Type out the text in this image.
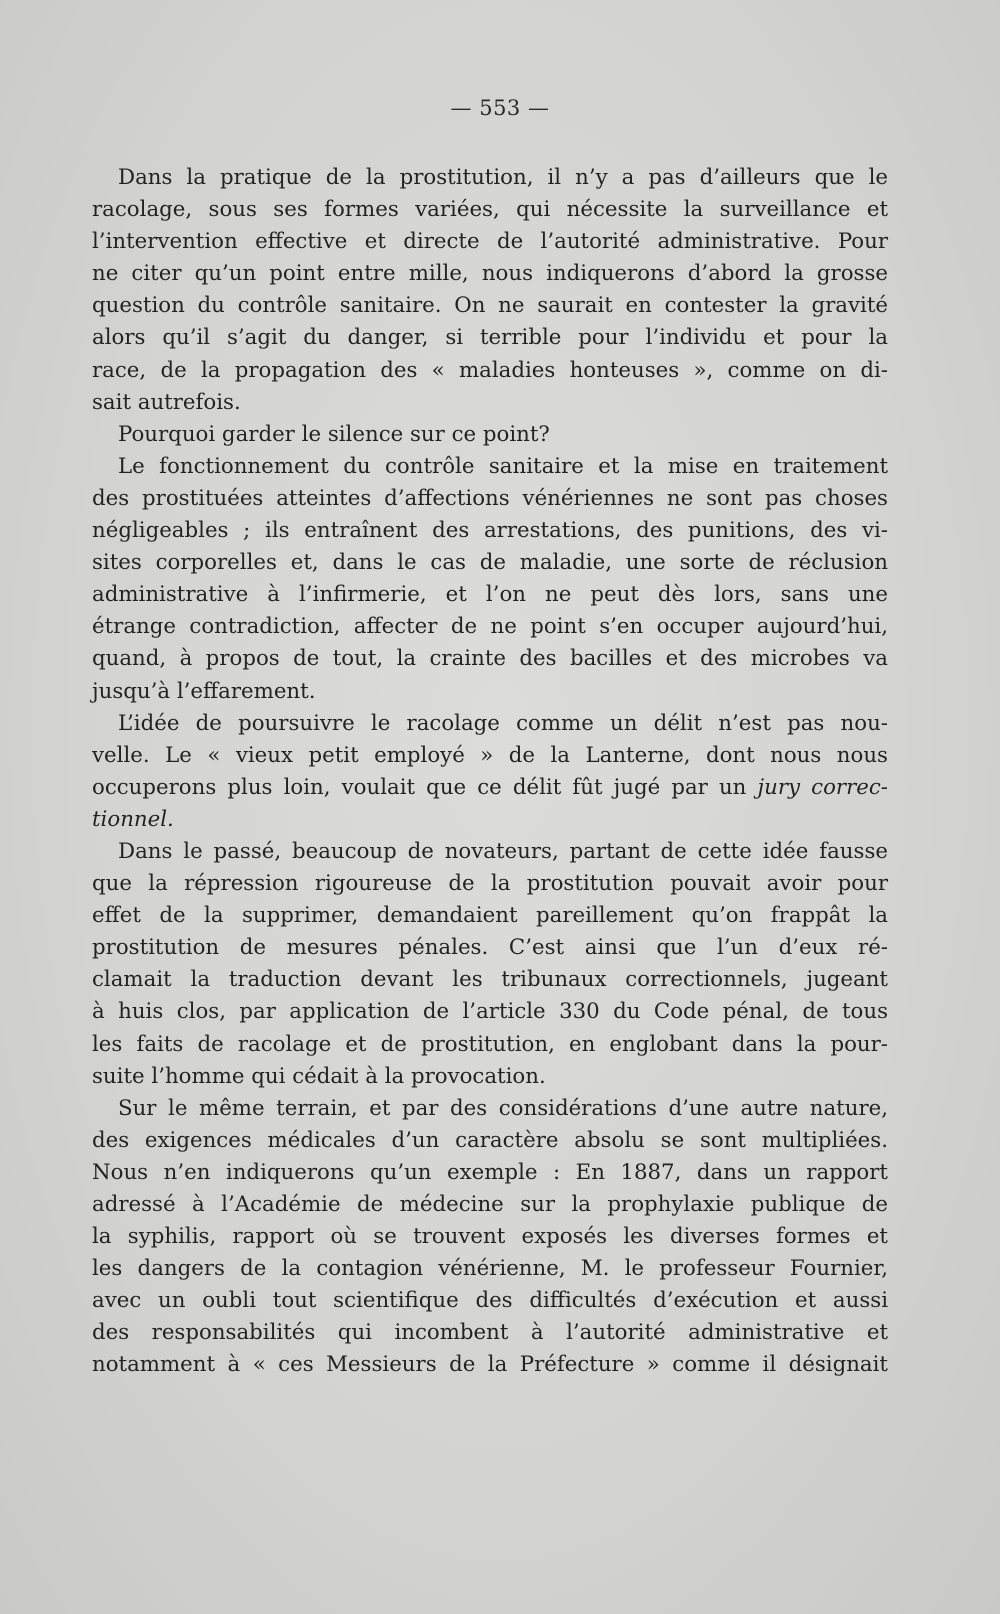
— 553 —
Dans la pratique de la prostitution, il n’y a pas d’ailleurs que le
racolage, sous ses formes variées, qui nécessite la surveillance et
l’intervention effective et directe de l’autorité administrative. Pour
ne citer qu’un point entre mille, nous indiquerons d’abord la grosse
question du contrôle sanitaire. On ne saurait en contester la gravité
alors qu’il s’agit du danger, si terrible pour l’individu et pour la
race, de la propagation des « maladies honteuses », comme on di-
sait autrefois.
Pourquoi garder le silence sur ce point?
Le fonctionnement du contrôle sanitaire et la mise en traitement
des prostituées atteintes d’affections vénériennes ne sont pas choses
négligeables ; ils entraînent des arrestations, des punitions, des vi-
sites corporelles et, dans le cas de maladie, une sorte de réclusion
administrative à l’infirmerie, et l’on ne peut dès lors, sans une
étrange contradiction, affecter de ne point s’en occuper aujourd’hui,
quand, à propos de tout, la crainte des bacilles et des microbes va
jusqu’à l’effarement.
L’idée de poursuivre le racolage comme un délit n’est pas nou-
velle. Le « vieux petit employé » de la Lanterne, dont nous nous
occuperons plus loin, voulait que ce délit fût jugé par un jury correc-
tionnel.
Dans le passé, beaucoup de novateurs, partant de cette idée fausse
que la répression rigoureuse de la prostitution pouvait avoir pour
effet de la supprimer, demandaient pareillement qu’on frappât la
prostitution de mesures pénales. C’est ainsi que l’un d’eux ré-
clamait la traduction devant les tribunaux correctionnels, jugeant
à huis clos, par application de l’article 330 du Code pénal, de tous
les faits de racolage et de prostitution, en englobant dans la pour-
suite l’homme qui cédait à la provocation.
Sur le même terrain, et par des considérations d’une autre nature,
des exigences médicales d’un caractère absolu se sont multipliées.
Nous n’en indiquerons qu’un exemple : En 1887, dans un rapport
adressé à l’Académie de médecine sur la prophylaxie publique de
la syphilis, rapport où se trouvent exposés les diverses formes et
les dangers de la contagion vénérienne, M. le professeur Fournier,
avec un oubli tout scientifique des difficultés d’exécution et aussi
des responsabilités qui incombent à l’autorité administrative et
notamment à « ces Messieurs de la Préfecture » comme il désignait
